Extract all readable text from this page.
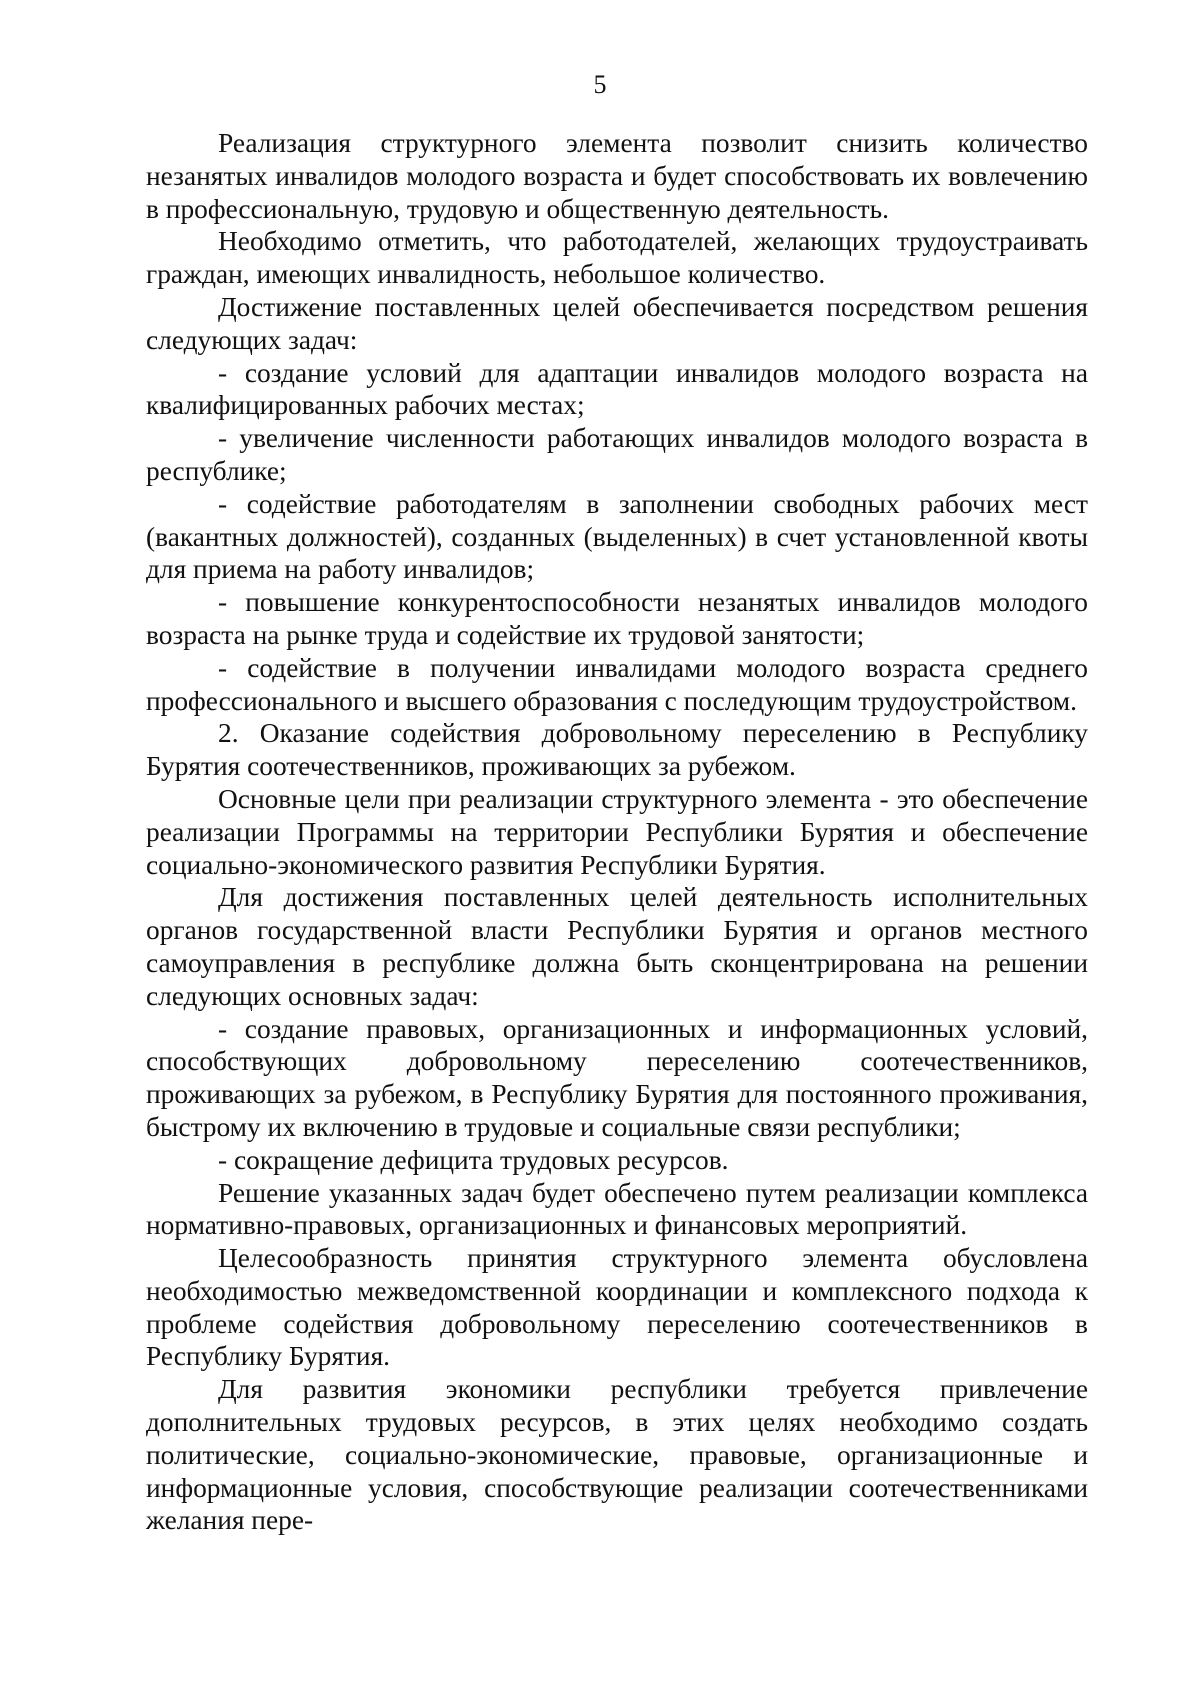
5

Реализация структурного элемента позволит снизить количество незанятых инвалидов молодого возраста и будет способствовать их вовлечению в профессиональную, трудовую и общественную деятельность.

Необходимо отметить, что работодателей, желающих трудоустраивать граждан, имеющих инвалидность, небольшое количество.

Достижение поставленных целей обеспечивается посредством решения следующих задач:

- создание условий для адаптации инвалидов молодого возраста на квалифицированных рабочих местах;

- увеличение численности работающих инвалидов молодого возраста в республике;

- содействие работодателям в заполнении свободных рабочих мест (вакантных должностей), созданных (выделенных) в счет установленной квоты для приема на работу инвалидов;

- повышение конкурентоспособности незанятых инвалидов молодого возраста на рынке труда и содействие их трудовой занятости;

- содействие в получении инвалидами молодого возраста среднего профессионального и высшего образования с последующим трудоустройством.

2. Оказание содействия добровольному переселению в Республику Бурятия соотечественников, проживающих за рубежом.

Основные цели при реализации структурного элемента - это обеспечение реализации Программы на территории Республики Бурятия и обеспечение социально-экономического развития Республики Бурятия.

Для достижения поставленных целей деятельность исполнительных органов государственной власти Республики Бурятия и органов местного самоуправления в республике должна быть сконцентрирована на решении следующих основных задач:

- создание правовых, организационных и информационных условий, способствующих добровольному переселению соотечественников, проживающих за рубежом, в Республику Бурятия для постоянного проживания, быстрому их включению в трудовые и социальные связи республики;

- сокращение дефицита трудовых ресурсов.

Решение указанных задач будет обеспечено путем реализации комплекса нормативно-правовых, организационных и финансовых мероприятий.

Целесообразность принятия структурного элемента обусловлена необходимостью межведомственной координации и комплексного подхода к проблеме содействия добровольному переселению соотечественников в Республику Бурятия.

Для развития экономики республики требуется привлечение дополнительных трудовых ресурсов, в этих целях необходимо создать политические, социально-экономические, правовые, организационные и информационные условия, способствующие реализации соотечественниками желания пере-
